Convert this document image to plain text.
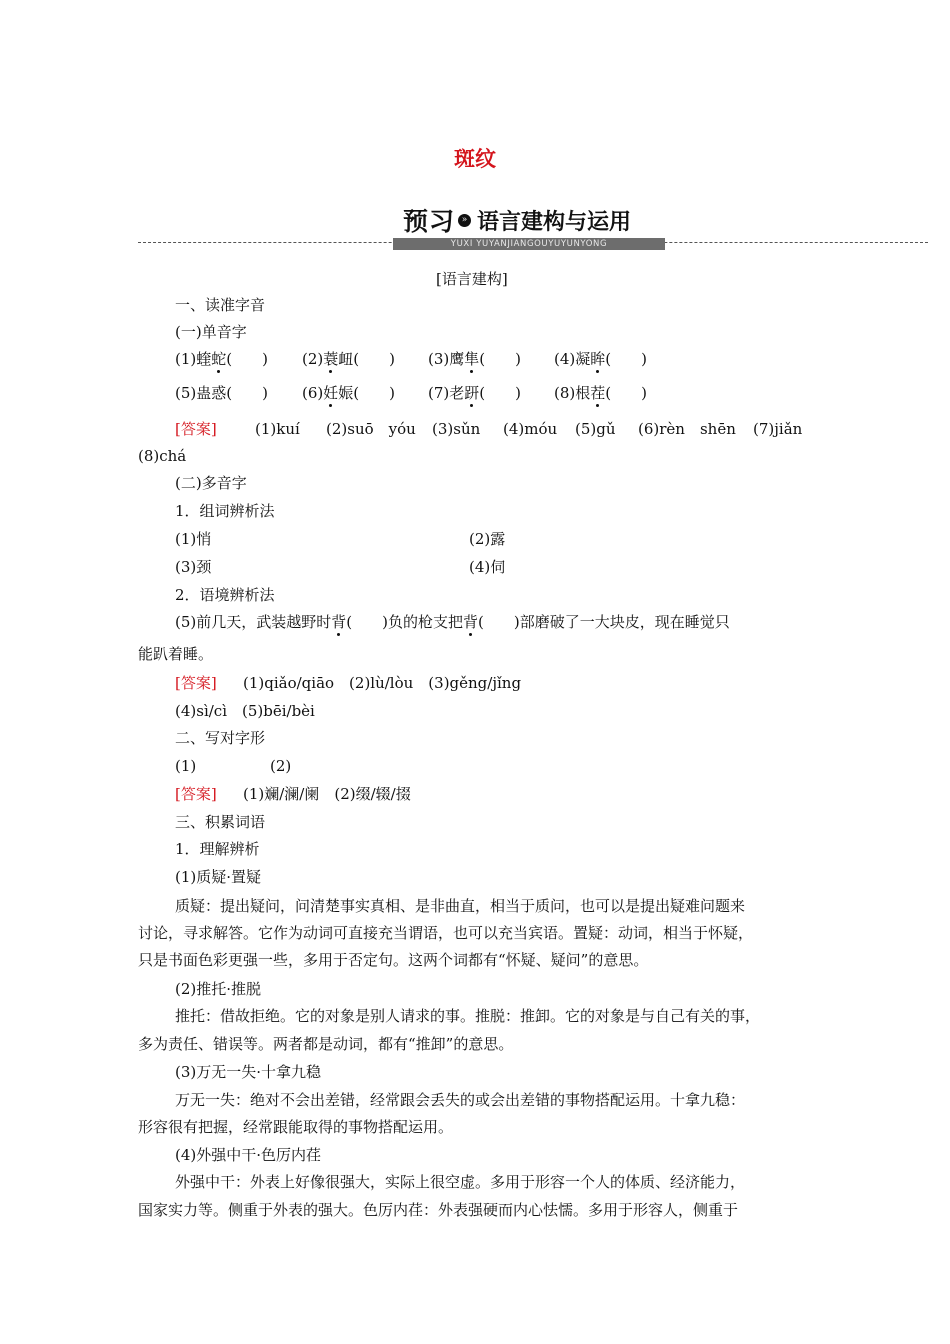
斑纹
预习 » 语言建构与运用
YUXI YUYANJIANGOUYUYUNYONG
[语言建构]
一、读准字音
(一)单音字
(1)蝰蛇(　　) (2)蓑衄(　　) (3)鹰隼(　　) (4)凝眸(　　)
(5)蛊惑(　　) (6)妊娠(　　) (7)老趼(　　) (8)根茬(　　)
[答案]	(1)kuí (2)suō　yóu (3)sǔn (4)móu (5)gǔ (6)rèn　shēn (7)jiǎn
(8)chá
(二)多音字
1．组词辨析法
(1)悄	(2)露
(3)颈	(4)伺
2．语境辨析法
(5)前几天，武装越野时背(　　)负的枪支把背(　　)部磨破了一大块皮，现在睡觉只
能趴着睡。
[答案] (1)qiǎo/qiāo　(2)lù/lòu　(3)gěng/jǐng
(4)sì/cì　(5)bēi/bèi
二、写对字形
(1)	(2)
[答案] (1)斓/澜/阑　(2)缀/辍/掇
三、积累词语
1．理解辨析
(1)质疑·置疑
质疑：提出疑问，问清楚事实真相、是非曲直，相当于质问，也可以是提出疑难问题来
讨论，寻求解答。它作为动词可直接充当谓语，也可以充当宾语。置疑：动词，相当于怀疑，
只是书面色彩更强一些，多用于否定句。这两个词都有“怀疑、疑问”的意思。
(2)推托·推脱
推托：借故拒绝。它的对象是别人请求的事。推脱：推卸。它的对象是与自己有关的事，
多为责任、错误等。两者都是动词，都有“推卸”的意思。
(3)万无一失·十拿九稳
万无一失：绝对不会出差错，经常跟会丢失的或会出差错的事物搭配运用。十拿九稳：
形容很有把握，经常跟能取得的事物搭配运用。
(4)外强中干·色厉内荏
外强中干：外表上好像很强大，实际上很空虚。多用于形容一个人的体质、经济能力，
国家实力等。侧重于外表的强大。色厉内荏：外表强硬而内心怯懦。多用于形容人，侧重于
